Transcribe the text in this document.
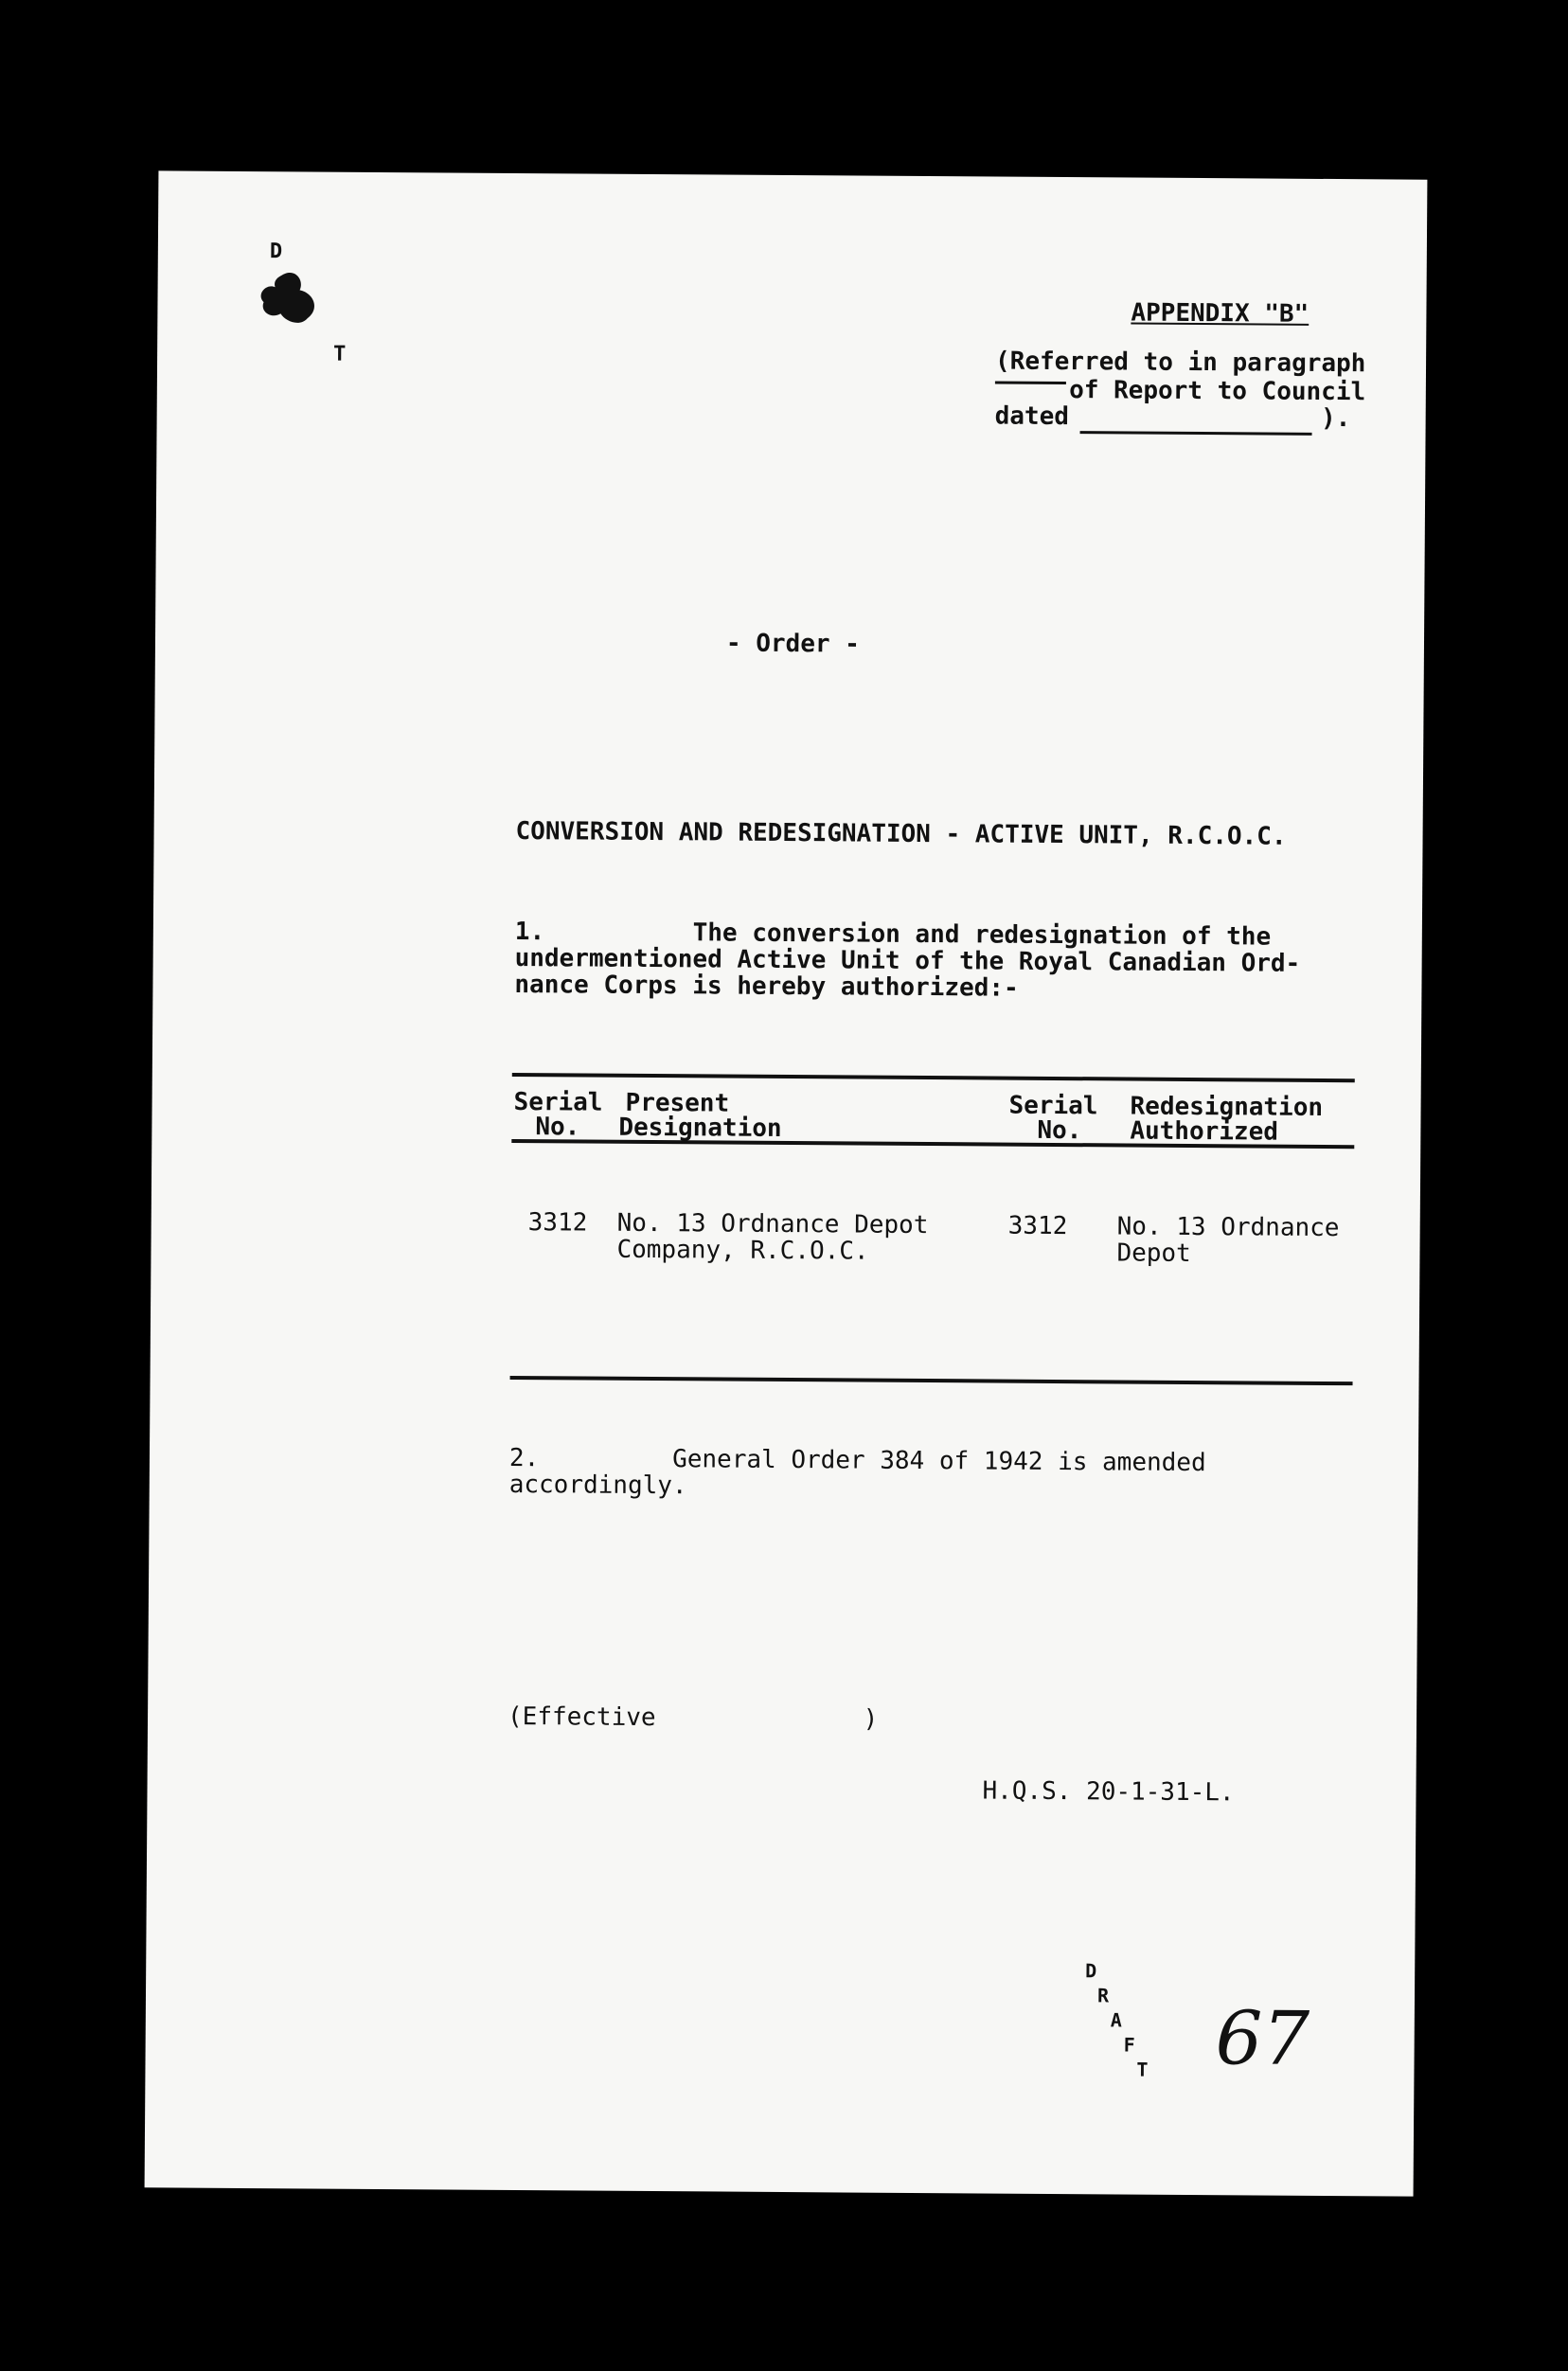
D
T
APPENDIX "B"
(Referred to in paragraph
of Report to Council
dated                 ).
- Order -
CONVERSION AND REDESIGNATION - ACTIVE UNIT, R.C.O.C.
1.          The conversion and redesignation of the
undermentioned Active Unit of the Royal Canadian Ord-
nance Corps is hereby authorized:-
Serial
No.
Present
Designation
Serial
No.
Redesignation
Authorized
3312 No. 13 Ordnance Depot
Company, R.C.O.C.
3312 No. 13 Ordnance
Depot
2.         General Order 384 of 1942 is amended
accordingly.
(Effective              )
H.Q.S. 20-1-31-L.
D
R
A
F
T 67
